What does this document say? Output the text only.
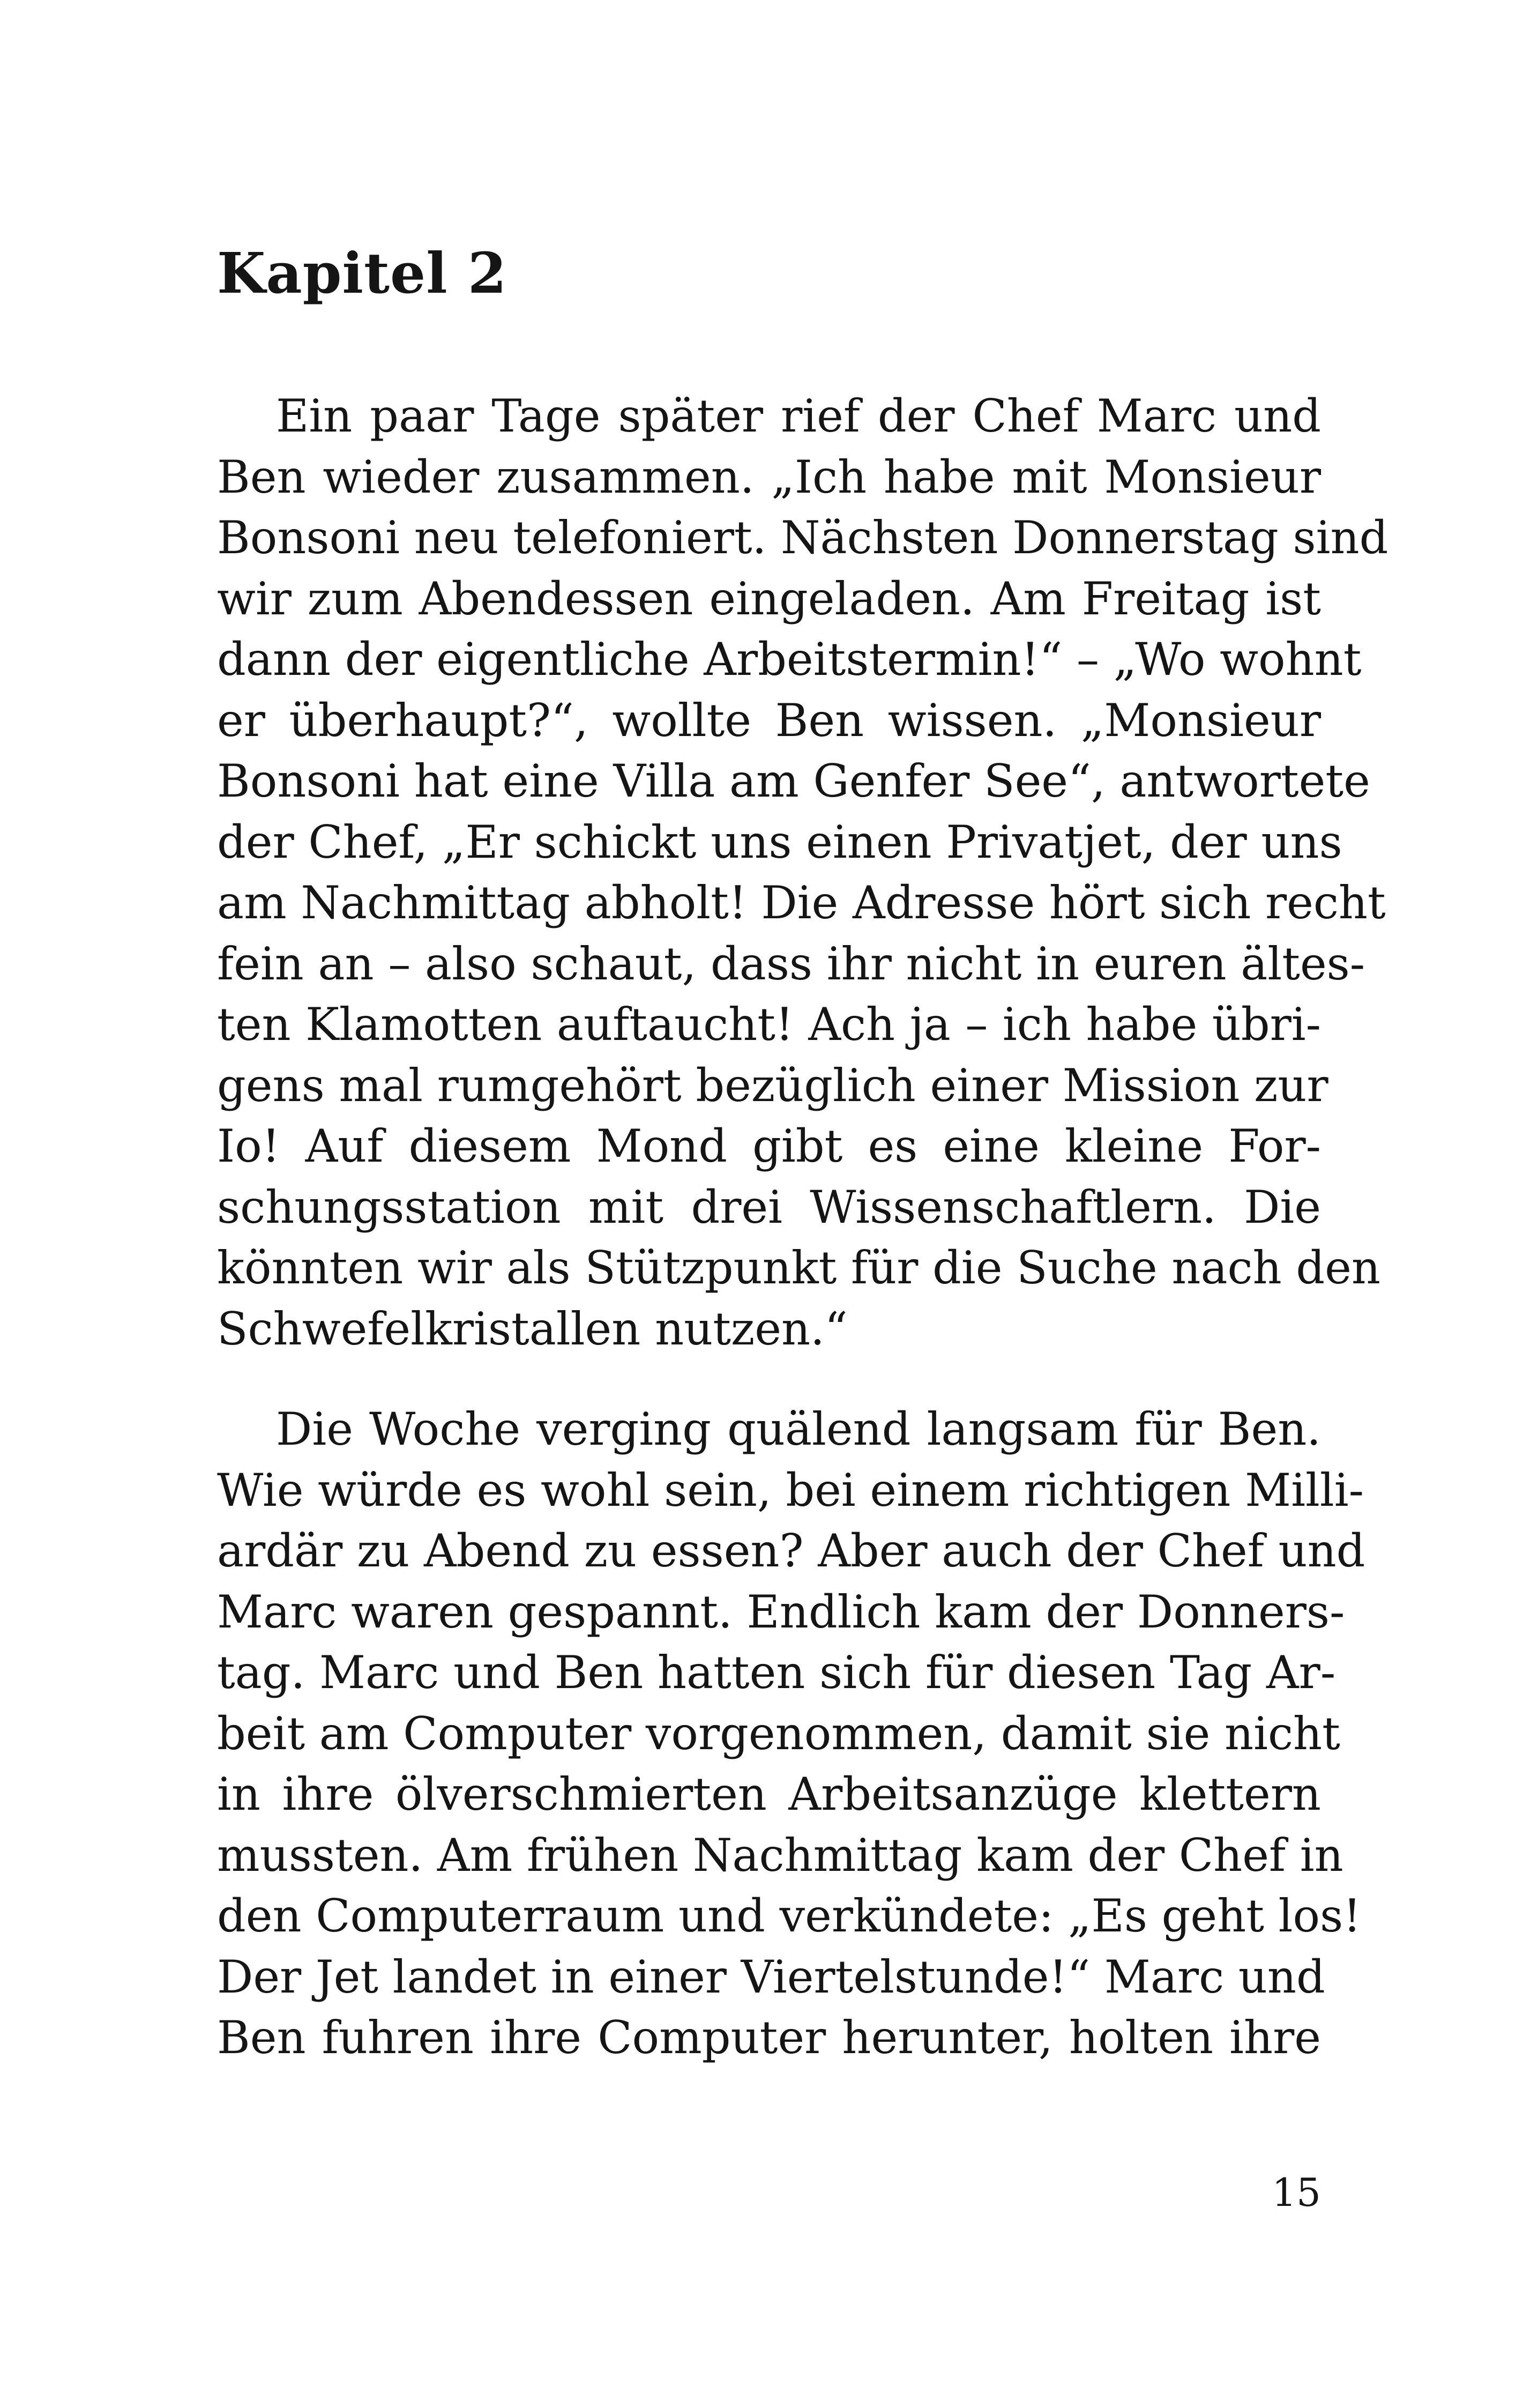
Kapitel 2
Ein paar Tage später rief der Chef Marc und
Ben wieder zusammen. „Ich habe mit Monsieur
Bonsoni neu telefoniert. Nächsten Donnerstag sind
wir zum Abendessen eingeladen. Am Freitag ist
dann der eigentliche Arbeitstermin!“ – „Wo wohnt
er überhaupt?“, wollte Ben wissen. „Monsieur
Bonsoni hat eine Villa am Genfer See“, antwortete
der Chef, „Er schickt uns einen Privatjet, der uns
am Nachmittag abholt! Die Adresse hört sich recht
fein an – also schaut, dass ihr nicht in euren ältes-
ten Klamotten auftaucht! Ach ja – ich habe übri-
gens mal rumgehört bezüglich einer Mission zur
Io! Auf diesem Mond gibt es eine kleine For-
schungsstation mit drei Wissenschaftlern. Die
könnten wir als Stützpunkt für die Suche nach den
Schwefelkristallen nutzen.“
Die Woche verging quälend langsam für Ben.
Wie würde es wohl sein, bei einem richtigen Milli-
ardär zu Abend zu essen? Aber auch der Chef und
Marc waren gespannt. Endlich kam der Donners-
tag. Marc und Ben hatten sich für diesen Tag Ar-
beit am Computer vorgenommen, damit sie nicht
in ihre ölverschmierten Arbeitsanzüge klettern
mussten. Am frühen Nachmittag kam der Chef in
den Computerraum und verkündete: „Es geht los!
Der Jet landet in einer Viertelstunde!“ Marc und
Ben fuhren ihre Computer herunter, holten ihre
15
